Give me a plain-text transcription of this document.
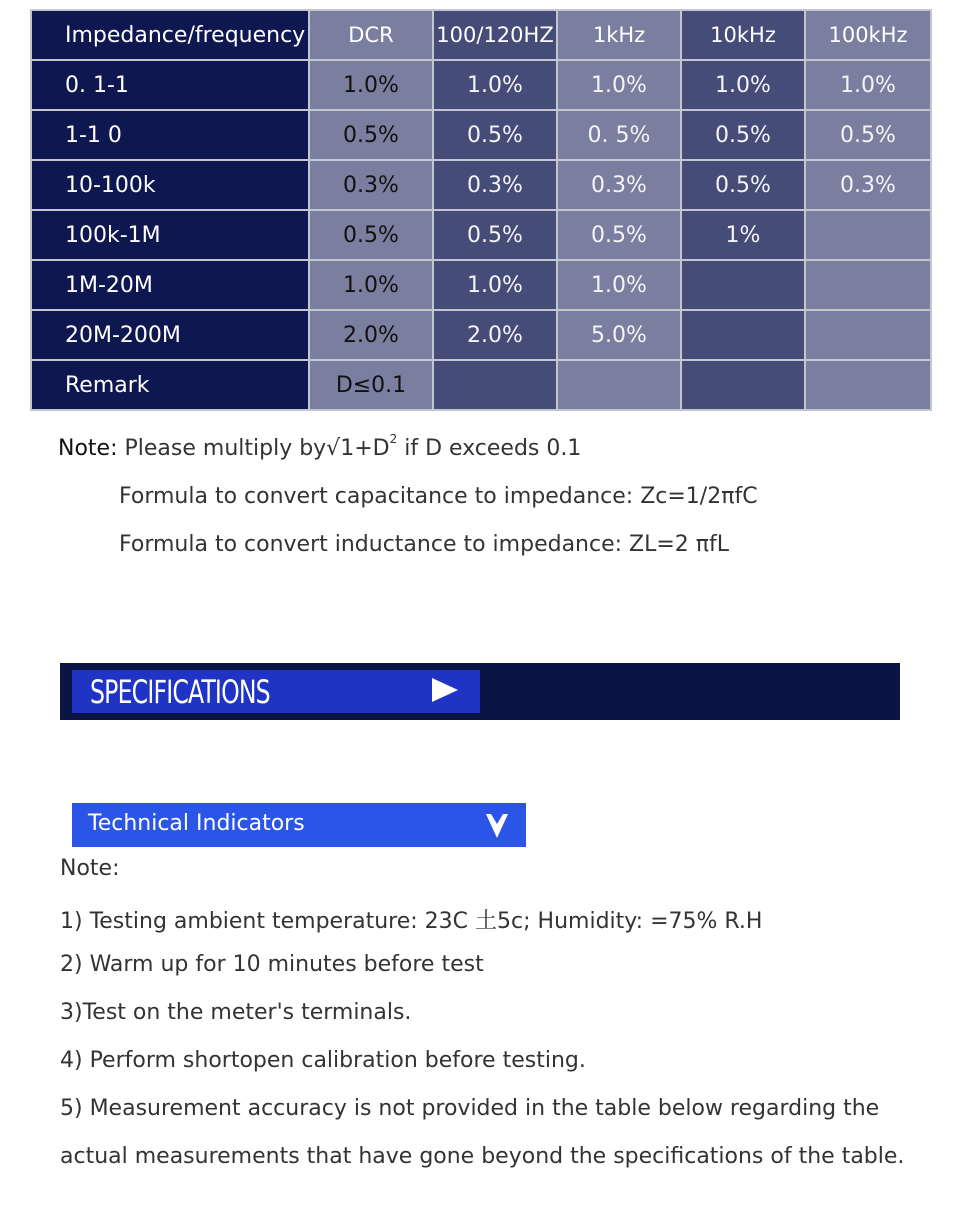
Impedance/frequency	DCR	100/120HZ	1kHz	10kHz	100kHz
0. 1-1	1.0%	1.0%	1.0%	1.0%	1.0%
1-1 0	0.5%	0.5%	0. 5%	0.5%	0.5%
10-100k	0.3%	0.3%	0.3%	0.5%	0.3%
100k-1M	0.5%	0.5%	0.5%	1%	
1M-20M	1.0%	1.0%	1.0%		
20M-200M	2.0%	2.0%	5.0%		
Remark	D≤0.1				
Note: Please multiply $by√1+D^2$ if D exceeds 0.1
Formula to convert capacitance to impedance: Zc=1/2πfC
Formula to convert inductance to impedance: ZL=2 πfL
SPECIFICATIONS
Technical Indicators
Note:
1) Testing ambient temperature: 23C 土5c; Humidity: =75% R.H
2) Warm up for 10 minutes before test
3)Test on the meter's terminals.
4) Perform shortopen calibration before testing.
5) Measurement accuracy is not provided in the table below regarding the
actual measurements that have gone beyond the specifications of the table.
